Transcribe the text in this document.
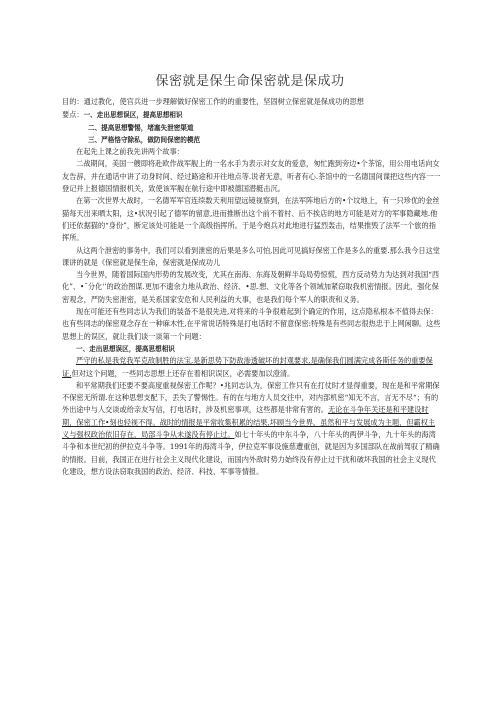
保密就是保生命保密就是保成功
目的： 通过教化，使官兵进一步理解做好保密工作的的重要性，坚固树立保密就是保成功的思想
要点： 一、走出思想误区，提高思想相识

二、提高思想警惕，堵塞失泄密渠道

三、严格恪守除私，做防间保密的模范

在起先上课之前我先讲两个故事：

二战期间，美国一艘即将赴欧作战军舰上的一名水手为表示对女友的爱意，匆忙跑到旁边•个茶馆，用公用电话向女友告辞，并在通话中讲了动身时间、经过路途和开往地点等.说者无意，听者有心.茶馆中的一名德国间谍把这些内容一一登记并上报德国情报机关，致使该军舰在航行途中即被德国潜艇击沉。

在第一次世界大战时，一名德军军官连续数天利用望远镜视察到，在法军阵地后方的•个坟地上，有一只珍优的金丝猫每天出来晒太阳，这•状况引起了德军的留意,进而推断出这个前不着村、后不挨店的地方可能是对方的军事隐藏地.他们还依据猫的“身份”，断定该处可能是一个高级指挥所。于是今炮兵对此地进行猛烈轰击，结果推毁了法军一个旅的指挥所。

从这两个泄密的事务中，我们可以看到泄密的后果是多么可怕,因此可见搞好保密工作是多么的重要.那么我今日这堂课讲的就是《保密就是保生命，保密就是保成功儿

当今世界，随着国际国内形势的发展改变，尤其在南海、东海及朝鲜半岛局势惊慌，西方反动势力为达到对我国“西化”、•¨分化'’的政治图谋.更加不遗余力地从政治、经济、•思.想、文化等各个领域加紧窃取我机密情报。因此，强化保密观念，严防失密泄密，是关系国家安危和人民利益的大事，也是我们每个军人的职责和义务。

现在可能还有些同志认为我们的装备不是很先进,对将来的斗争很难起到个确定的作用，这点隐私根本不值得去保：也有些同志的保密观念存在一种麻木性,在平常说话特殊是打电话时不留意保密:特殊是有些同志很热忠于上网闲聊。这些思想上的误区，就让我们谈一谈第一个问题：

一、走出思想误区，提高思想相识

严守的私是我党我军克敌制胜的法宝,是新思势下防敌渗透破坏的封观要求,是确保我们圆满完成各斯任务的重要保证,但对这个问题，一些同志思想上还存在着相识误区，必需要加以澄清。

和平常期我们还要不要高度重视保密工作呢？•兆同志认为，保密工作只有在打仗时才显得重要，现在是和平常期保不保密无所谓.在这种思想支配下，丢失了警惕性。有的在与地方人员交往中，对内部机密“知无不言，言无不尽“；有的外出途中与人交谈或给亲友写信，打电话时，涉及机密事项，这些都是非常有害的。无论在斗争年关还是和平建设时期，保密工作•刻也轻视不得。战时的情报是平常收集积累的结果,坏顾当今世界，虽然和平与发展成为主题，但霸权主义与强权政治依旧存在，局部斗争从未遂没有停止过。如七十年头的中东斗争，八十年头的两伊斗争，九十年头的海湾斗争和本世纪初的伊拉克斗争等。1991年的海湾斗争，伊拉克军事设施慈遭重创，就是因为多国部队在战前驾驭了精确的情报。目前，我国正在进行社会主义现代化建设，而国内外敌时势力始终没有停止过干扰和破坏我国的社会主义现代化建设，想方设法窃取我国的政治、经济、科技、军事等情报。
